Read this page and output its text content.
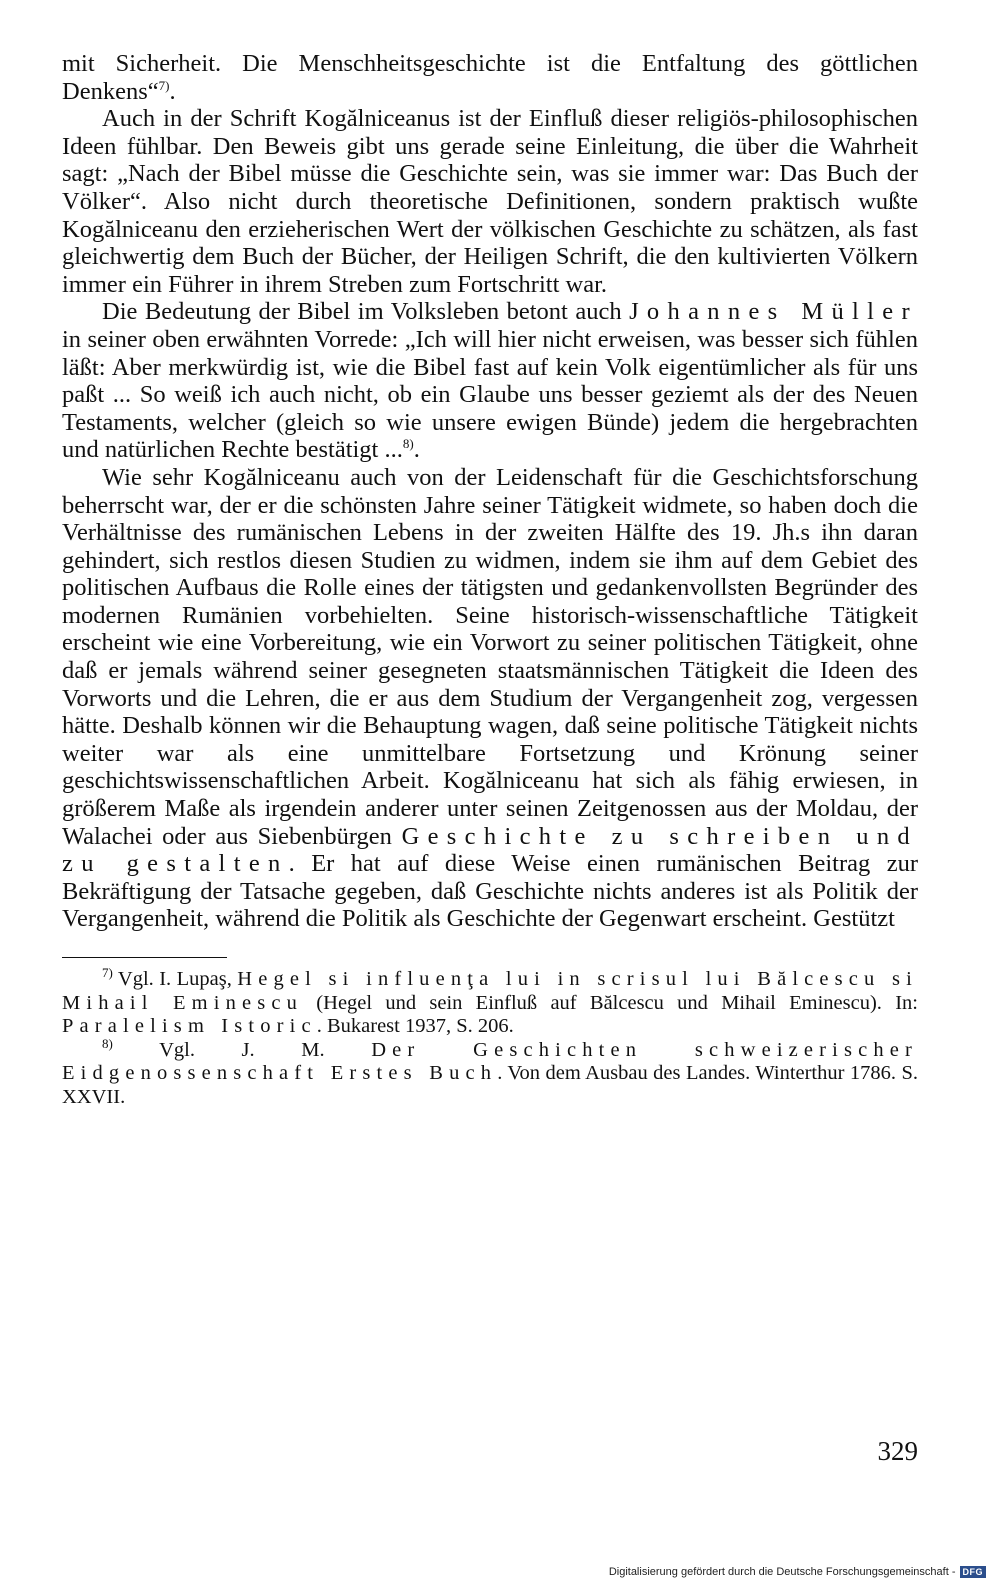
mit Sicherheit. Die Menschheitsgeschichte ist die Entfaltung des göttlichen Denkens“$^{7)}$.

Auch in der Schrift Kogălniceanus ist der Einfluß dieser religiös-philosophischen Ideen fühlbar. Den Beweis gibt uns gerade seine Einleitung, die über die Wahrheit sagt: „Nach der Bibel müsse die Geschichte sein, was sie immer war: Das Buch der Völker“. Also nicht durch theoretische Definitionen, sondern praktisch wußte Kogălniceanu den erzieherischen Wert der völkischen Geschichte zu schätzen, als fast gleichwertig dem Buch der Bücher, der Heiligen Schrift, die den kultivierten Völkern immer ein Führer in ihrem Streben zum Fortschritt war.

Die Bedeutung der Bibel im Volksleben betont auch Johannes Müller in seiner oben erwähnten Vorrede: „Ich will hier nicht erweisen, was besser sich fühlen läßt: Aber merkwürdig ist, wie die Bibel fast auf kein Volk eigentümlicher als für uns paßt ... So weiß ich auch nicht, ob ein Glaube uns besser geziemt als der des Neuen Testaments, welcher (gleich so wie unsere ewigen Bünde) jedem die hergebrachten und natürlichen Rechte bestätigt ...$^{8)}$.

Wie sehr Kogălniceanu auch von der Leidenschaft für die Geschichtsforschung beherrscht war, der er die schönsten Jahre seiner Tätigkeit widmete, so haben doch die Verhältnisse des rumänischen Lebens in der zweiten Hälfte des 19. Jh.s ihn daran gehindert, sich restlos diesen Studien zu widmen, indem sie ihm auf dem Gebiet des politischen Aufbaus die Rolle eines der tätigsten und gedankenvollsten Begründer des modernen Rumänien vorbehielten. Seine historisch-wissenschaftliche Tätigkeit erscheint wie eine Vorbereitung, wie ein Vorwort zu seiner politischen Tätigkeit, ohne daß er jemals während seiner gesegneten staatsmännischen Tätigkeit die Ideen des Vorworts und die Lehren, die er aus dem Studium der Vergangenheit zog, vergessen hätte. Deshalb können wir die Behauptung wagen, daß seine politische Tätigkeit nichts weiter war als eine unmittelbare Fortsetzung und Krönung seiner geschichtswissenschaftlichen Arbeit. Kogălniceanu hat sich als fähig erwiesen, in größerem Maße als irgendein anderer unter seinen Zeitgenossen aus der Moldau, der Walachei oder aus Siebenbürgen Geschichte zu schreiben und zu gestalten. Er hat auf diese Weise einen rumänischen Beitrag zur Bekräftigung der Tatsache gegeben, daß Geschichte nichts anderes ist als Politik der Vergangenheit, während die Politik als Geschichte der Gegenwart erscheint. Gestützt

$^{7)}$ Vgl. I. Lupaş, Hegel si influenţa lui in scrisul lui Bălcescu si Mihail Eminescu (Hegel und sein Einfluß auf Bălcescu und Mihail Eminescu). In: Paralelism Istoric. Bukarest 1937, S. 206.

$^{8)}$ Vgl. J. M. Der Geschichten schweizerischer Eidgenossenschaft Erstes Buch. Von dem Ausbau des Landes. Winterthur 1786. S. XXVII.

329
Digitalisierung gefördert durch die Deutsche Forschungsgemeinschaft - DFG
